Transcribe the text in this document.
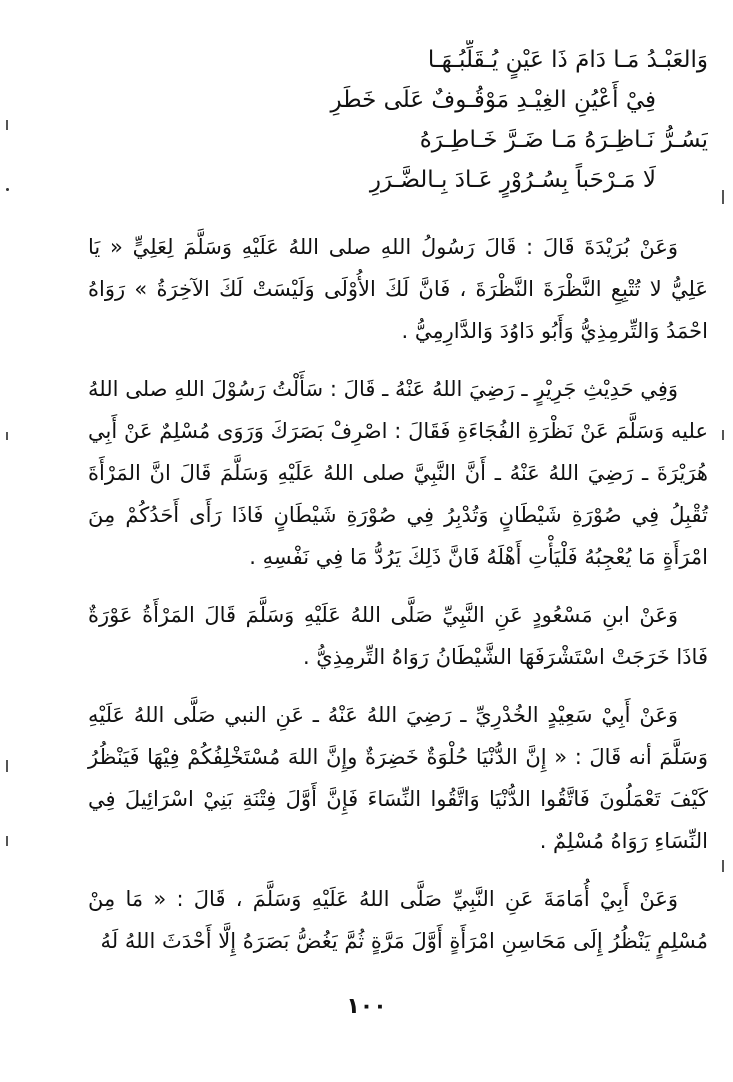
وَالعَبْـدُ مَـا دَامَ ذَا عَيْنٍ يُـقَلِّبُـهَـا
فِيْ أَعْيُنِ الغِيْـدِ مَوْقُـوفٌ عَلَى خَطَرِ
يَسُـرُّ نَـاظِـرَهُ مَـا ضَـرَّ خَـاطِـرَهُ
لَا مَـرْحَباً بِسُـرُوْرٍ عَـادَ بِـالضَّـرَرِ

وَعَنْ بُرَيْدَةَ قَالَ : قَالَ رَسُولُ اللهِ صلى اللهُ عَلَيْهِ وَسَلَّمَ لِعَلِيٍّ « يَا عَلِيُّ لا تُتْبِعِ النَّظْرَةَ النَّظْرَةَ ، فَانَّ لَكَ الأُوْلَى وَلَيْسَتْ لَكَ الآخِرَةُ » رَوَاهُ احْمَدُ وَالتِّرمِذِيُّ وَأَبُو دَاوُدَ وَالدَّارِمِيُّ .

وَفِي حَدِيْثِ جَرِيْرٍ ـ رَضِيَ اللهُ عَنْهُ ـ قَالَ : سَأَلْتُ رَسُوْلَ اللهِ صلى اللهُ عليه وَسَلَّمَ عَنْ نَظْرَةِ الفُجَاءَةِ فَقَالَ : اصْرِفْ بَصَرَكَ وَرَوَى مُسْلِمٌ عَنْ أَبِي هُرَيْرَةَ ـ رَضِيَ اللهُ عَنْهُ ـ أَنَّ النَّبِيَّ صلى اللهُ عَلَيْهِ وَسَلَّمَ قَالَ انَّ المَرْأَةَ تُقْبِلُ فِي صُوْرَةِ شَيْطَانٍ وَتُدْبِرُ فِي صُوْرَةِ شَيْطَانٍ فَاذَا رَأَى أَحَدُكُمْ مِنَ امْرَأَةٍ مَا يُعْجِبُهُ فَلْيَأْتِ أَهْلَهُ فَانَّ ذَلِكَ يَرُدُّ مَا فِي نَفْسِهِ .

وَعَنْ ابنِ مَسْعُودٍ عَنِ النَّبِيِّ صَلَّى اللهُ عَلَيْهِ وَسَلَّمَ قَالَ المَرْأَةُ عَوْرَةٌ فَاذَا خَرَجَتْ اسْتَشْرَفَهَا الشَّيْطَانُ رَوَاهُ التِّرمِذِيُّ .

وَعَنْ أَبِيْ سَعِيْدٍ الخُدْرِيِّ ـ رَضِيَ اللهُ عَنْهُ ـ عَنِ النبي صَلَّى اللهُ عَلَيْهِ وَسَلَّمَ أنه قَالَ : « إِنَّ الدُّنْيَا حُلْوَةٌ خَضِرَةٌ وإِنَّ اللهَ مُسْتَخْلِفُكُمْ فِيْهَا فَيَنْظُرُ كَيْفَ تَعْمَلُونَ فَاتَّقُوا الدُّنْيَا وَاتَّقُوا النِّسَاءَ فَإِنَّ أَوَّلَ فِتْنَةِ بَنِيْ اسْرَائِيلَ فِي النِّسَاءِ رَوَاهُ مُسْلِمٌ .

وَعَنْ أَبِيْ أُمَامَةَ عَنِ النَّبِيِّ صَلَّى اللهُ عَلَيْهِ وَسَلَّمَ ، قَالَ : « مَا مِنْ مُسْلِمٍ يَنْظُرُ إِلَى مَحَاسِنِ امْرَأَةٍ أَوَّلَ مَرَّةٍ ثُمَّ يَغُضُّ بَصَرَهُ إِلَّا أَحْدَثَ اللهُ لَهُ

١٠٠
